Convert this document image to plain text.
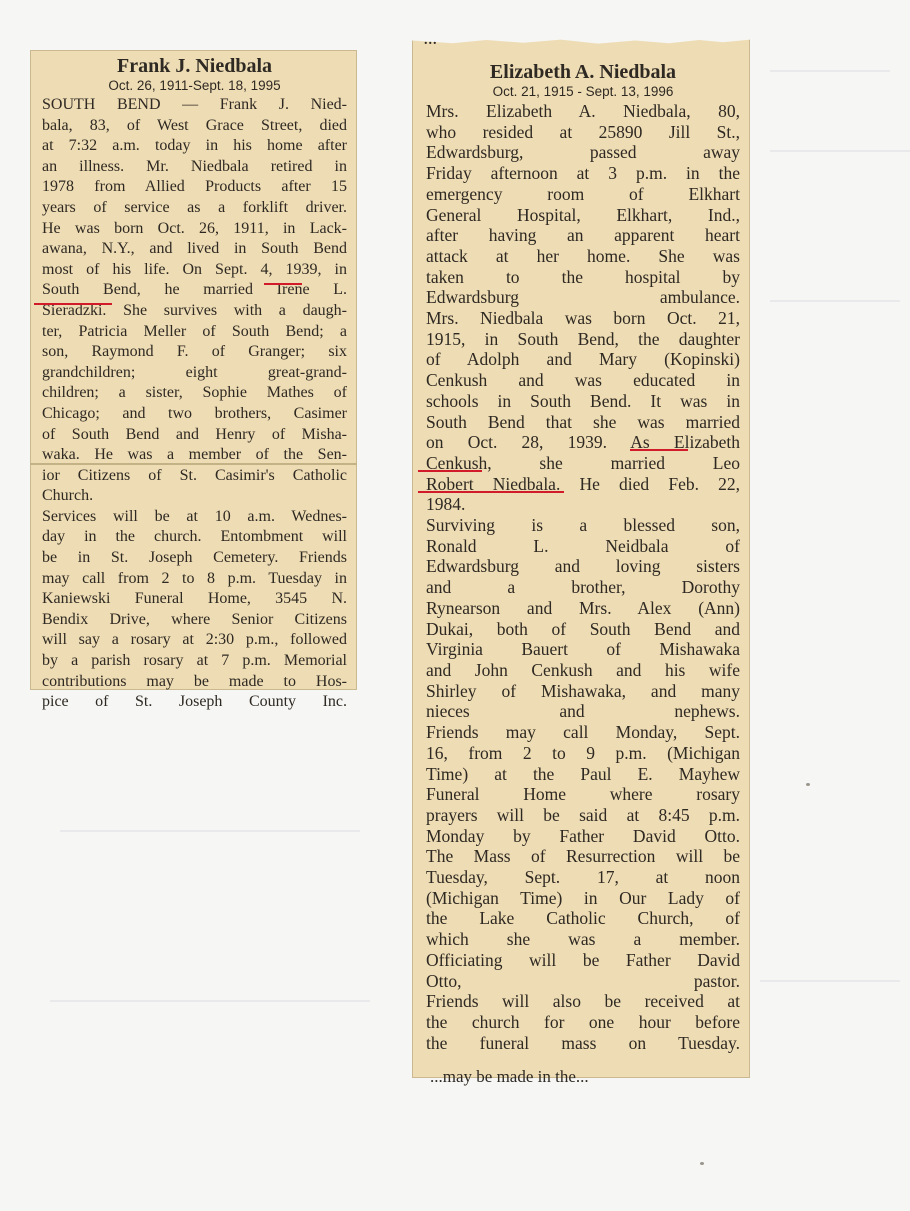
Frank J. Niedbala

Oct. 26, 1911-Sept. 18, 1995

SOUTH BEND — Frank J. Nied-
bala, 83, of West Grace Street, died
at 7:32 a.m. today in his home after
an illness. Mr. Niedbala retired in
1978 from Allied Products after 15
years of service as a forklift driver.
He was born Oct. 26, 1911, in Lack-
awana, N.Y., and lived in South Bend
most of his life. On Sept. 4, 1939, in
South Bend, he married Irene L.
Sieradzki. She survives with a daugh-
ter, Patricia Meller of South Bend; a
son, Raymond F. of Granger; six
grandchildren; eight great-grand-
children; a sister, Sophie Mathes of
Chicago; and two brothers, Casimer
of South Bend and Henry of Misha-
waka. He was a member of the Sen-
ior Citizens of St. Casimir's Catholic
Church.
Services will be at 10 a.m. Wednes-
day in the church. Entombment will
be in St. Joseph Cemetery. Friends
may call from 2 to 8 p.m. Tuesday in
Kaniewski Funeral Home, 3545 N.
Bendix Drive, where Senior Citizens
will say a rosary at 2:30 p.m., followed
by a parish rosary at 7 p.m. Memorial
contributions may be made to Hos-
pice of St. Joseph County Inc.

...
Elizabeth A. Niedbala

Oct. 21, 1915 - Sept. 13, 1996

Mrs. Elizabeth A. Niedbala, 80,
who resided at 25890 Jill St.,
Edwardsburg, passed away
Friday afternoon at 3 p.m. in the
emergency room of Elkhart
General Hospital, Elkhart, Ind.,
after having an apparent heart
attack at her home. She was
taken to the hospital by
Edwardsburg ambulance.
Mrs. Niedbala was born Oct. 21,
1915, in South Bend, the daughter
of Adolph and Mary (Kopinski)
Cenkush and was educated in
schools in South Bend. It was in
South Bend that she was married
on Oct. 28, 1939. As Elizabeth
Cenkush, she married Leo
Robert Niedbala. He died Feb. 22,
1984.
Surviving is a blessed son,
Ronald L. Neidbala of
Edwardsburg and loving sisters
and a brother, Dorothy
Rynearson and Mrs. Alex (Ann)
Dukai, both of South Bend and
Virginia Bauert of Mishawaka
and John Cenkush and his wife
Shirley of Mishawaka, and many
nieces and nephews.
Friends may call Monday, Sept.
16, from 2 to 9 p.m. (Michigan
Time) at the Paul E. Mayhew
Funeral Home where rosary
prayers will be said at 8:45 p.m.
Monday by Father David Otto.
The Mass of Resurrection will be
Tuesday, Sept. 17, at noon
(Michigan Time) in Our Lady of
the Lake Catholic Church, of
which she was a member.
Officiating will be Father David
Otto, pastor.
Friends will also be received at
the church for one hour before
the funeral mass on Tuesday.

...may be made in the...
